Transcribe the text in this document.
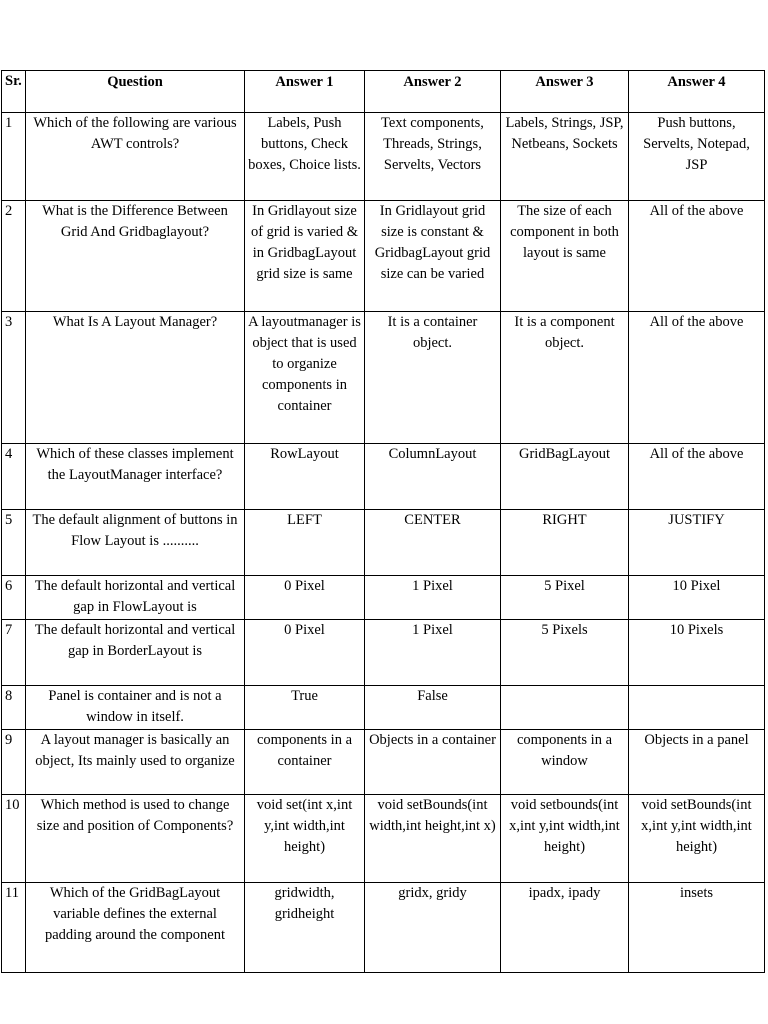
Sr.	Question	Answer 1	Answer 2	Answer 3	Answer 4
1	Which of the following are various AWT controls?	Labels, Push buttons, Check boxes, Choice lists.	Text components, Threads, Strings, Servelts, Vectors	Labels, Strings, JSP, Netbeans, Sockets	Push buttons, Servelts, Notepad, JSP
2	What is the Difference Between Grid And Gridbaglayout?	In Gridlayout size of grid is varied & in GridbagLayout grid size is same	In Gridlayout grid size is constant & GridbagLayout grid size can be varied	The size of each component in both layout is same	All of the above
3	What Is A Layout Manager?	A layoutmanager is object that is used to organize components in container	It is a container object.	It is a component object.	All of the above
4	Which of these classes implement the LayoutManager interface?	RowLayout	ColumnLayout	GridBagLayout	All of the above
5	The default alignment of buttons in Flow Layout is ..........	LEFT	CENTER	RIGHT	JUSTIFY
6	The default horizontal and vertical gap in FlowLayout is	0 Pixel	1 Pixel	5 Pixel	10 Pixel
7	The default horizontal and vertical gap in BorderLayout is	0 Pixel	1 Pixel	5 Pixels	10 Pixels
8	Panel is container and is not a window in itself.	True	False		
9	A layout manager is basically an object, Its mainly used to organize	components in a container	Objects in a container	components in a window	Objects in a panel
10	Which method is used to change size and position of Components?	void set(int x,int y,int width,int height)	void setBounds(int width,int height,int x)	void setbounds(int x,int y,int width,int height)	void setBounds(int x,int y,int width,int height)
11	Which of the GridBagLayout variable defines the external padding around the component	gridwidth, gridheight	gridx, gridy	ipadx, ipady	insets
